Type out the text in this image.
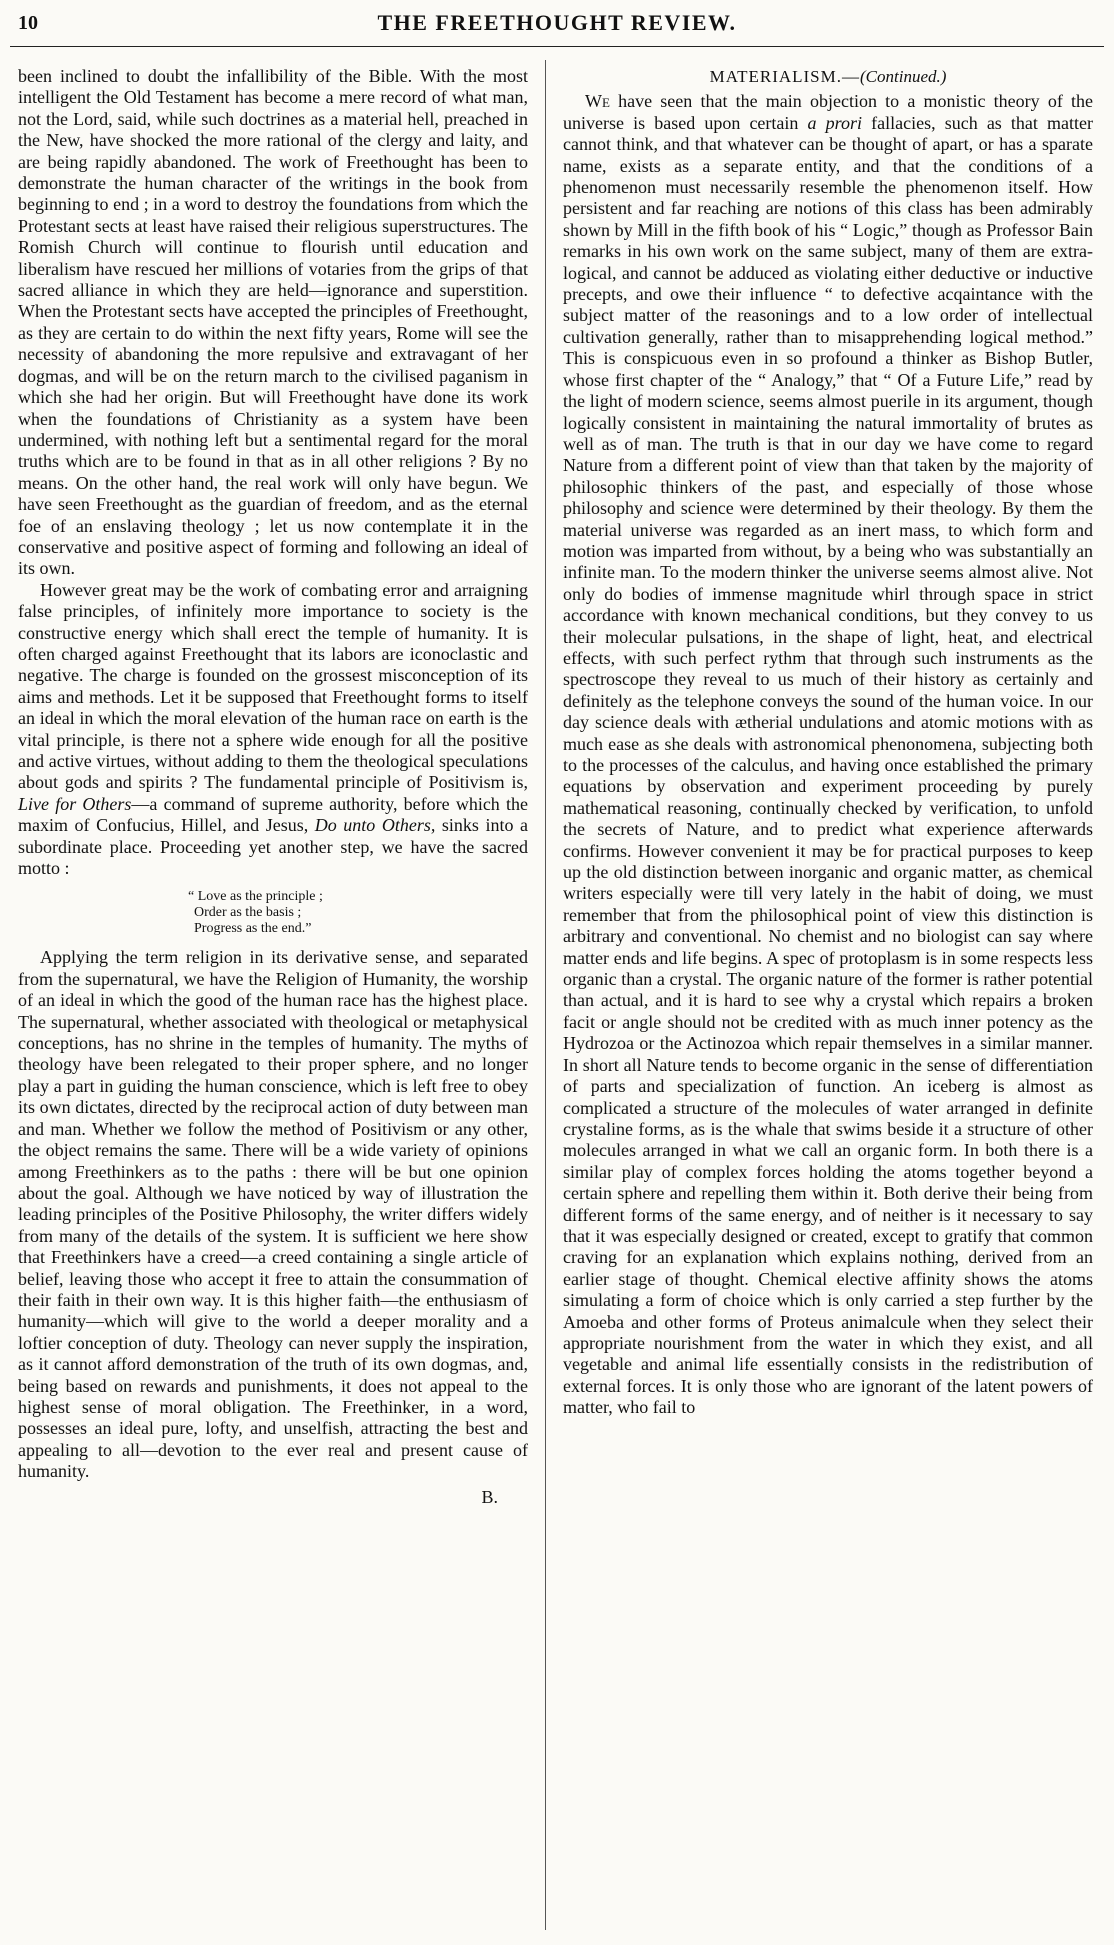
10	THE FREETHOUGHT REVIEW.

been inclined to doubt the infallibility of the Bible. With the most intelligent the Old Testament has become a mere record of what man, not the Lord, said, while such doctrines as a material hell, preached in the New, have shocked the more rational of the clergy and laity, and are being rapidly abandoned. The work of Freethought has been to demonstrate the human character of the writings in the book from beginning to end ; in a word to destroy the foundations from which the Protestant sects at least have raised their religious superstructures. The Romish Church will continue to flourish until education and liberalism have rescued her millions of votaries from the grips of that sacred alliance in which they are held—ignorance and superstition. When the Protestant sects have accepted the principles of Freethought, as they are certain to do within the next fifty years, Rome will see the necessity of abandoning the more repulsive and extravagant of her dogmas, and will be on the return march to the civilised paganism in which she had her origin. But will Freethought have done its work when the foundations of Christianity as a system have been undermined, with nothing left but a sentimental regard for the moral truths which are to be found in that as in all other religions ? By no means. On the other hand, the real work will only have begun. We have seen Freethought as the guardian of freedom, and as the eternal foe of an enslaving theology ; let us now contemplate it in the conservative and positive aspect of forming and following an ideal of its own.

However great may be the work of combating error and arraigning false principles, of infinitely more importance to society is the constructive energy which shall erect the temple of humanity. It is often charged against Freethought that its labors are iconoclastic and negative. The charge is founded on the grossest misconception of its aims and methods. Let it be supposed that Freethought forms to itself an ideal in which the moral elevation of the human race on earth is the vital principle, is there not a sphere wide enough for all the positive and active virtues, without adding to them the theological speculations about gods and spirits ? The fundamental principle of Positivism is, Live for Others—a command of supreme authority, before which the maxim of Confucius, Hillel, and Jesus, Do unto Others, sinks into a subordinate place. Proceeding yet another step, we have the sacred motto :

“ Love as the principle ;
Order as the basis ;
Progress as the end.”

Applying the term religion in its derivative sense, and separated from the supernatural, we have the Religion of Humanity, the worship of an ideal in which the good of the human race has the highest place. The supernatural, whether associated with theological or metaphysical conceptions, has no shrine in the temples of humanity. The myths of theology have been relegated to their proper sphere, and no longer play a part in guiding the human conscience, which is left free to obey its own dictates, directed by the reciprocal action of duty between man and man. Whether we follow the method of Positivism or any other, the object remains the same. There will be a wide variety of opinions among Freethinkers as to the paths : there will be but one opinion about the goal. Although we have noticed by way of illustration the leading principles of the Positive Philosophy, the writer differs widely from many of the details of the system. It is sufficient we here show that Freethinkers have a creed—a creed containing a single article of belief, leaving those who accept it free to attain the consummation of their faith in their own way. It is this higher faith—the enthusiasm of humanity—which will give to the world a deeper morality and a loftier conception of duty. Theology can never supply the inspiration, as it cannot afford demonstration of the truth of its own dogmas, and, being based on rewards and punishments, it does not appeal to the highest sense of moral obligation. The Freethinker, in a word, possesses an ideal pure, lofty, and unselfish, attracting the best and appealing to all—devotion to the ever real and present cause of humanity.

B.

MATERIALISM.—(Continued.)

We have seen that the main objection to a monistic theory of the universe is based upon certain a prori fallacies, such as that matter cannot think, and that whatever can be thought of apart, or has a sparate name, exists as a separate entity, and that the conditions of a phenomenon must necessarily resemble the phenomenon itself. How persistent and far reaching are notions of this class has been admirably shown by Mill in the fifth book of his “ Logic,” though as Professor Bain remarks in his own work on the same subject, many of them are extra-logical, and cannot be adduced as violating either deductive or inductive precepts, and owe their influence “ to defective acqaintance with the subject matter of the reasonings and to a low order of intellectual cultivation generally, rather than to misapprehending logical method.” This is conspicuous even in so profound a thinker as Bishop Butler, whose first chapter of the “ Analogy,” that “ Of a Future Life,” read by the light of modern science, seems almost puerile in its argument, though logically consistent in maintaining the natural immortality of brutes as well as of man. The truth is that in our day we have come to regard Nature from a different point of view than that taken by the majority of philosophic thinkers of the past, and especially of those whose philosophy and science were determined by their theology. By them the material universe was regarded as an inert mass, to which form and motion was imparted from without, by a being who was substantially an infinite man. To the modern thinker the universe seems almost alive. Not only do bodies of immense magnitude whirl through space in strict accordance with known mechanical conditions, but they convey to us their molecular pulsations, in the shape of light, heat, and electrical effects, with such perfect rythm that through such instruments as the spectroscope they reveal to us much of their history as certainly and definitely as the telephone conveys the sound of the human voice. In our day science deals with ætherial undulations and atomic motions with as much ease as she deals with astronomical phenonomena, subjecting both to the processes of the calculus, and having once established the primary equations by observation and experiment proceeding by purely mathematical reasoning, continually checked by verification, to unfold the secrets of Nature, and to predict what experience afterwards confirms. However convenient it may be for practical purposes to keep up the old distinction between inorganic and organic matter, as chemical writers especially were till very lately in the habit of doing, we must remember that from the philosophical point of view this distinction is arbitrary and conventional. No chemist and no biologist can say where matter ends and life begins. A spec of protoplasm is in some respects less organic than a crystal. The organic nature of the former is rather potential than actual, and it is hard to see why a crystal which repairs a broken facit or angle should not be credited with as much inner potency as the Hydrozoa or the Actinozoa which repair themselves in a similar manner. In short all Nature tends to become organic in the sense of differentiation of parts and specialization of function. An iceberg is almost as complicated a structure of the molecules of water arranged in definite crystaline forms, as is the whale that swims beside it a structure of other molecules arranged in what we call an organic form. In both there is a similar play of complex forces holding the atoms together beyond a certain sphere and repelling them within it. Both derive their being from different forms of the same energy, and of neither is it necessary to say that it was especially designed or created, except to gratify that common craving for an explanation which explains nothing, derived from an earlier stage of thought. Chemical elective affinity shows the atoms simulating a form of choice which is only carried a step further by the Amoeba and other forms of Proteus animalcule when they select their appropriate nourishment from the water in which they exist, and all vegetable and animal life essentially consists in the redistribution of external forces. It is only those who are ignorant of the latent powers of matter, who fail to
